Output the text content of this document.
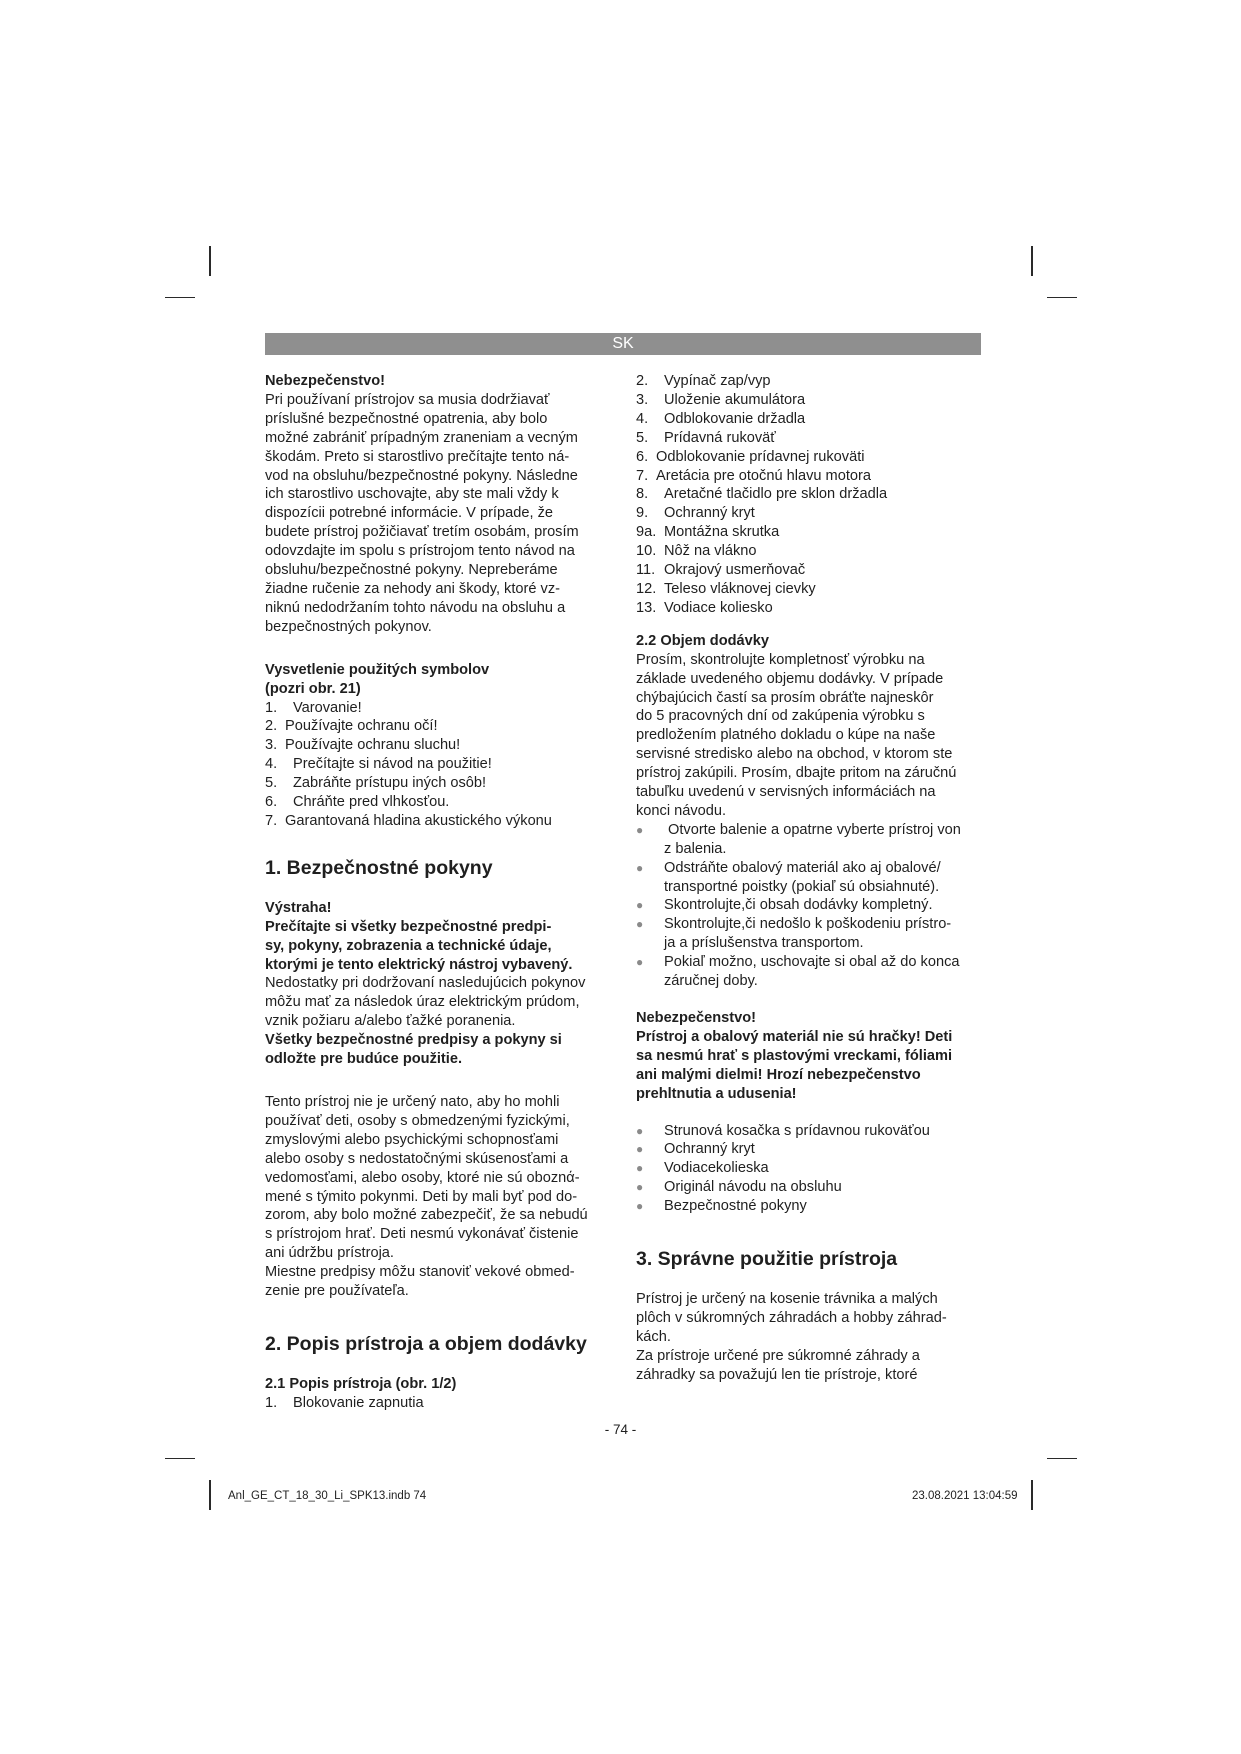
SK

Nebezpečenstvo!

Pri používaní prístrojov sa musia dodržiavať

príslušné bezpečnostné opatrenia, aby bolo

možné zabrániť prípadným zraneniam a vecným

škodám. Preto si starostlivo prečítajte tento ná-

vod na obsluhu/bezpečnostné pokyny. Následne

ich starostlivo uschovajte, aby ste mali vždy k

dispozícii potrebné informácie. V prípade, že

budete prístroj požičiavať tretím osobám, prosím

odovzdajte im spolu s prístrojom tento návod na

obsluhu/bezpečnostné pokyny. Nepreberáme

žiadne ručenie za nehody ani škody, ktoré vz-

niknú nedodržaním tohto návodu na obsluhu a

bezpečnostných pokynov.

Vysvetlenie použitých symbolov

(pozri obr. 21)

1. Varovanie!

2. Používajte ochranu očí!

3. Používajte ochranu sluchu!

4. Prečítajte si návod na použitie!

5. Zabráňte prístupu iných osôb!

6. Chráňte pred vlhkosťou.

7. Garantovaná hladina akustického výkonu

1. Bezpečnostné pokyny

Výstraha!

Prečítajte si všetky bezpečnostné predpi-

sy, pokyny, zobrazenia a technické údaje,

ktorými je tento elektrický nástroj vybavený.

Nedostatky pri dodržovaní nasledujúcich pokynov

môžu mať za následok úraz elektrickým prúdom,

vznik požiaru a/alebo ťažké poranenia.

Všetky bezpečnostné predpisy a pokyny si

odložte pre budúce použitie.

Tento prístroj nie je určený nato, aby ho mohli

používať deti, osoby s obmedzenými fyzickými,

zmyslovými alebo psychickými schopnosťami

alebo osoby s nedostatočnými skúsenosťami a

vedomosťami, alebo osoby, ktoré nie sú oboznά-

mené s týmito pokynmi. Deti by mali byť pod do-

zorom, aby bolo možné zabezpečiť, že sa nebudú

s prístrojom hrať. Deti nesmú vykonávať čistenie

ani údržbu prístroja.

Miestne predpisy môžu stanoviť vekové obmed-

zenie pre používateľa.

2. Popis prístroja a objem dodávky

2.1 Popis prístroja (obr. 1/2)

1. Blokovanie zapnutia

2. Vypínač zap/vyp

3. Uloženie akumulátora

4. Odblokovanie držadla

5. Prídavná rukoväť

6. Odblokovanie prídavnej rukoväti

7. Aretácia pre otočnú hlavu motora

8. Aretačné tlačidlo pre sklon držadla

9. Ochranný kryt

9a. Montážna skrutka

10. Nôž na vlákno

11. Okrajový usmerňovač

12. Teleso vláknovej cievky

13. Vodiace koliesko

2.2 Objem dodávky

Prosím, skontrolujte kompletnosť výrobku na

základe uvedeného objemu dodávky. V prípade

chýbajúcich častí sa prosím obráťte najneskôr

do 5 pracovných dní od zakúpenia výrobku s

predložením platného dokladu o kúpe na naše

servisné stredisko alebo na obchod, v ktorom ste

prístroj zakúpili. Prosím, dbajte pritom na záručnú

tabuľku uvedenú v servisných informáciách na

konci návodu.

● Otvorte balenie a opatrne vyberte prístroj von

z balenia.

● Odstráňte obalový materiál ako aj obalové/

transportné poistky (pokiaľ sú obsiahnuté).

● Skontrolujte,či obsah dodávky kompletný.

● Skontrolujte,či nedošlo k poškodeniu prístro-

ja a príslušenstva transportom.

● Pokiaľ možno, uschovajte si obal až do konca

záručnej doby.

Nebezpečenstvo!

Prístroj a obalový materiál nie sú hračky! Deti

sa nesmú hrať s plastovými vreckami, fóliami

ani malými dielmi! Hrozí nebezpečenstvo

prehltnutia a udusenia!

● Strunová kosačka s prídavnou rukoväťou

● Ochranný kryt

● Vodiacekolieska

● Originál návodu na obsluhu

● Bezpečnostné pokyny

3. Správne použitie prístroja

Prístroj je určený na kosenie trávnika a malých

plôch v súkromných záhradách a hobby záhrad-

kách.

Za prístroje určené pre súkromné záhrady a

záhradky sa považujú len tie prístroje, ktoré

- 74 -
Anl_GE_CT_18_30_Li_SPK13.indb 74	23.08.2021 13:04:59
